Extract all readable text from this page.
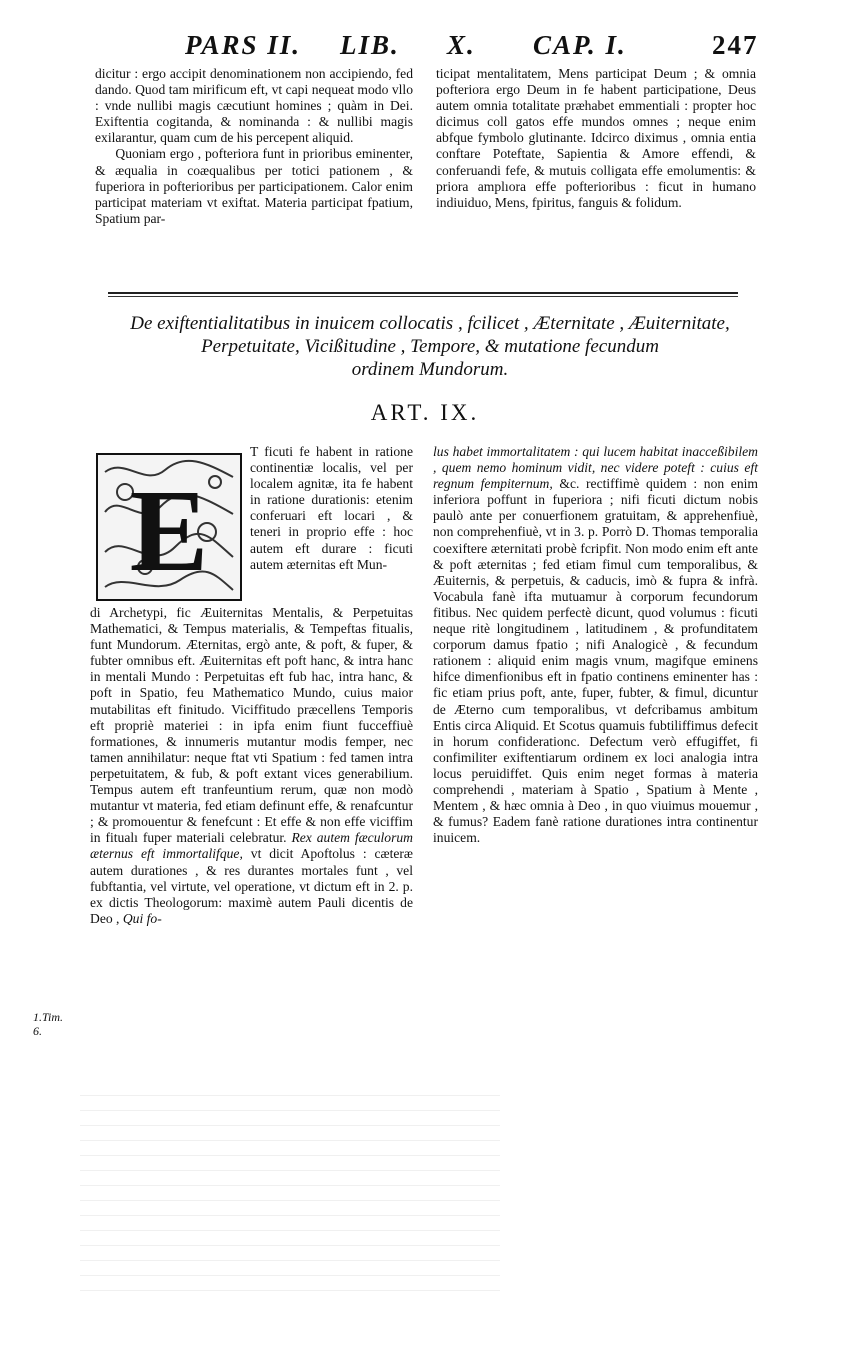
PARS II. LIB. X. CAP. I.	247

dicitur : ergo accipit denominationem non accipiendo, fed dando. Quod tam mirificum eft, vt capi nequeat modo vllo : vnde nullibi magis cæcutiunt homines ; quàm in Dei. Exiftentia cogitanda, & nominanda : & nullibi magis exilarantur, quam cum de his percepent aliquid.

Quoniam ergo , pofteriora funt in prioribus eminenter, & æqualia in coæqualibus per totici pationem , & fuperiora in pofterioribus per participationem. Calor enim participat materiam vt exiftat. Materia participat fpatium, Spatium par-

ticipat mentalitatem, Mens participat Deum ; & omnia pofteriora ergo Deum in fe habent participatione, Deus autem omnia totalitate præhabet emmentiali : propter hoc dicimus coll gatos effe mundos omnes ; neque enim abfque fymbolo glutinante. Idcirco diximus , omnia entia conftare Poteftate, Sapientia & Amore effendi, & conferuandi fefe, & mutuis colligata effe emolumentis: & priora amplıora effe pofterioribus : ficut in humano indiuiduo, Mens, fpiritus, fanguis & folidum.

De exiftentialitatibus in inuicem collocatis , fcilicet , Æternitate , Æuiternitate,
Perpetuitate, Vicißitudine , Tempore, & mutatione fecundum
ordinem Mundorum.
ART. IX.
E

T ficuti fe habent in ratione continentiæ localis, vel per localem agnitæ, ita fe habent in ratione durationis: etenim conferuari eft locari , & teneri in proprio effe : hoc autem eft durare : ficuti autem æternitas eft Mun-

di Archetypi, fic Æuiternitas Mentalis, & Perpetuitas Mathematici, & Tempus materialis, & Tempeftas fitualis, funt Mundorum. Æternitas, ergò ante, & poft, & fuper, & fubter omnibus eft. Æuiternitas eft poft hanc, & intra hanc in mentali Mundo : Perpetuitas eft fub hac, intra hanc, & poft in Spatio, feu Mathematico Mundo, cuius maior mutabilitas eft finitudo. Viciffitudo præcellens Temporis eft propriè materiei : in ipfa enim fiunt fucceffiuè formationes, & innumeris mutantur modis femper, nec tamen annihilatur: neque ftat vti Spatium : fed tamen intra perpetuitatem, & fub, & poft extant vices generabilium. Tempus autem eft tranfeuntium rerum, quæ non modò mutantur vt materia, fed etiam definunt effe, & renafcuntur ; & promouentur & fenefcunt : Et effe & non effe viciffim in fitualı fuper materiali celebratur. Rex autem fæculorum æternus eft immortalifque, vt dicit Apoftolus : cæteræ autem durationes , & res durantes mortales funt , vel fubftantia, vel virtute, vel operatione, vt dictum eft in 2. p. ex dictis Theologorum: maximè autem Pauli dicentis de Deo , Qui fo-

lus habet immortalitatem : qui lucem habitat inacceßibilem , quem nemo hominum vidit, nec videre poteft : cuius eft regnum fempiternum, &c. rectiffimè quidem : non enim inferiora poffunt in fuperiora ; nifi ficuti dictum nobis paulò ante per conuerfionem gratuitam, & apprehenfiuè, non comprehenfiuè, vt in 3. p. Porrò D. Thomas temporalia coexiftere æternitati probè fcripfit. Non modo enim eft ante & poft æternitas ; fed etiam fimul cum temporalibus, & Æuiternis, & perpetuis, & caducis, imò & fupra & infrà. Vocabula fanè ifta mutuamur à corporum fecundorum fitibus. Nec quidem perfectè dicunt, quod volumus : ficuti neque ritè longitudinem , latitudinem , & profunditatem corporum damus fpatio ; nifi Analogicè , & fecundum rationem : aliquid enim magis vnum, magifque eminens hifce dimenfionibus eft in fpatio continens eminenter has : fic etiam prius poft, ante, fuper, fubter, & fimul, dicuntur de Æterno cum temporalibus, vt defcribamus ambitum Entis circa Aliquid. Et Scotus quamuis fubtiliffimus defecit in horum confiderationc. Defectum verò effugiffet, fi confimiliter exiftentiarum ordinem ex loci analogia intra locus peruidiffet. Quis enim neget formas à materia comprehendi , materiam à Spatio , Spatium à Mente , Mentem , & hæc omnia à Deo , in quo viuimus mouemur , & fumus? Eadem fanè ratione durationes intra continentur inuicem.

1.Tim.
6.
